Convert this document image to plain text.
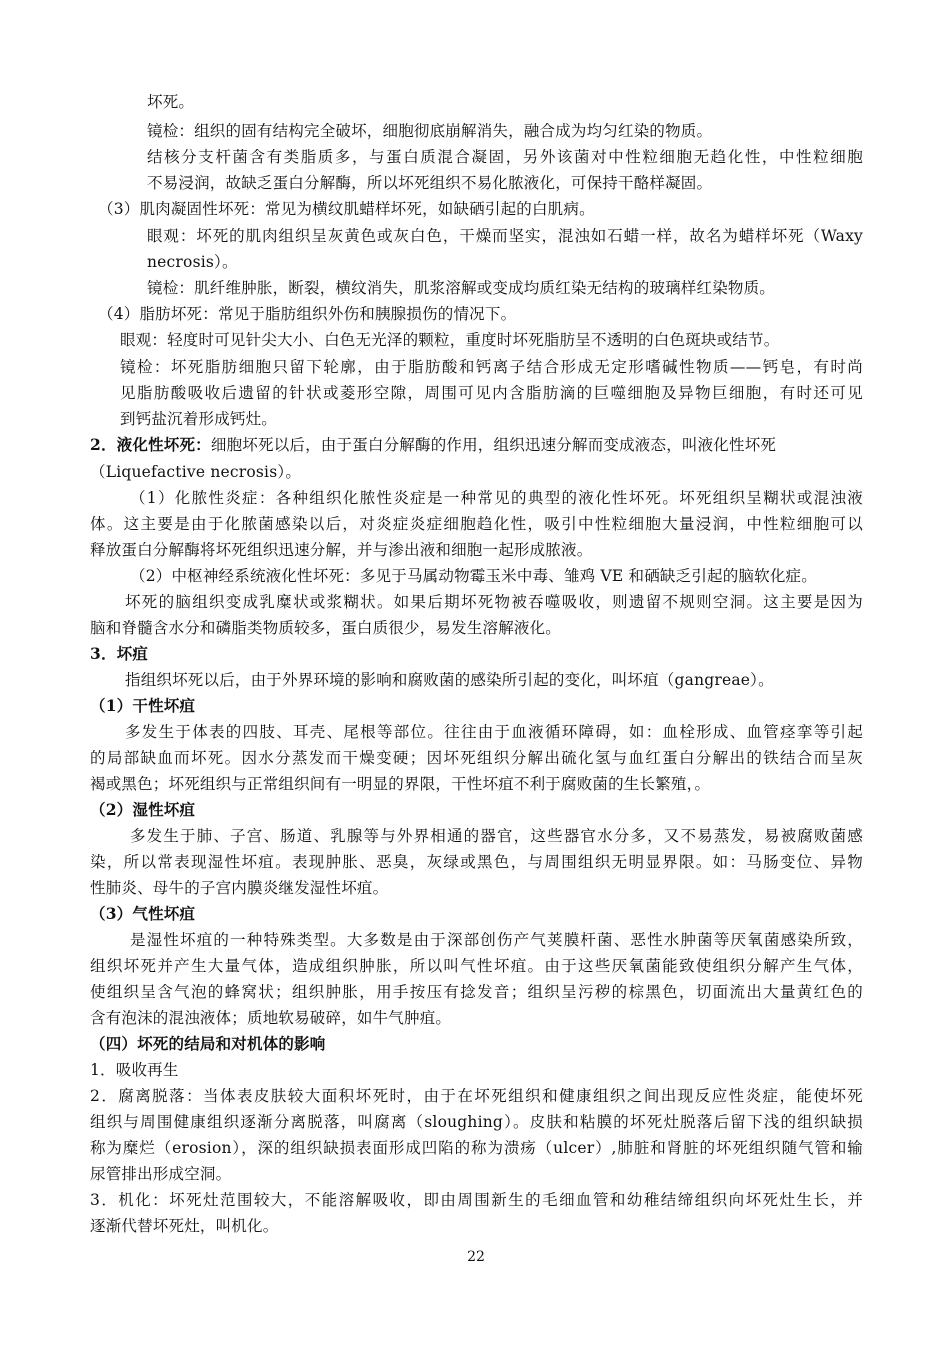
坏死。
镜检：组织的固有结构完全破坏，细胞彻底崩解消失，融合成为均匀红染的物质。
结核分支杆菌含有类脂质多，与蛋白质混合凝固，另外该菌对中性粒细胞无趋化性，中性粒细胞
不易浸润，故缺乏蛋白分解酶，所以坏死组织不易化脓液化，可保持干酪样凝固。
（3）肌肉凝固性坏死：常见为横纹肌蜡样坏死，如缺硒引起的白肌病。
眼观：坏死的肌肉组织呈灰黄色或灰白色，干燥而坚实，混浊如石蜡一样，故名为蜡样坏死（Waxy
necrosis）。
镜检：肌纤维肿胀，断裂，横纹消失，肌浆溶解或变成均质红染无结构的玻璃样红染物质。
（4）脂肪坏死：常见于脂肪组织外伤和胰腺损伤的情况下。
眼观：轻度时可见针尖大小、白色无光泽的颗粒，重度时坏死脂肪呈不透明的白色斑块或结节。
镜检：坏死脂肪细胞只留下轮廓，由于脂肪酸和钙离子结合形成无定形嗜碱性物质——钙皂，有时尚
见脂肪酸吸收后遗留的针状或菱形空隙，周围可见内含脂肪滴的巨噬细胞及异物巨细胞，有时还可见
到钙盐沉着形成钙灶。
2．液化性坏死：细胞坏死以后，由于蛋白分解酶的作用，组织迅速分解而变成液态，叫液化性坏死
（Liquefactive necrosis）。
（1）化脓性炎症：各种组织化脓性炎症是一种常见的典型的液化性坏死。坏死组织呈糊状或混浊液
体。这主要是由于化脓菌感染以后，对炎症炎症细胞趋化性，吸引中性粒细胞大量浸润，中性粒细胞可以
释放蛋白分解酶将坏死组织迅速分解，并与渗出液和细胞一起形成脓液。
（2）中枢神经系统液化性坏死：多见于马属动物霉玉米中毒、雏鸡 VE 和硒缺乏引起的脑软化症。
坏死的脑组织变成乳糜状或浆糊状。如果后期坏死物被吞噬吸收，则遗留不规则空洞。这主要是因为
脑和脊髓含水分和磷脂类物质较多，蛋白质很少，易发生溶解液化。
3．坏疽
指组织坏死以后，由于外界环境的影响和腐败菌的感染所引起的变化，叫坏疽（gangreae）。
（1）干性坏疽
多发生于体表的四肢、耳壳、尾根等部位。往往由于血液循环障碍，如：血栓形成、血管痉挛等引起
的局部缺血而坏死。因水分蒸发而干燥变硬；因坏死组织分解出硫化氢与血红蛋白分解出的铁结合而呈灰
褐或黑色；坏死组织与正常组织间有一明显的界限，干性坏疽不利于腐败菌的生长繁殖，。
（2）湿性坏疽
多发生于肺、子宫、肠道、乳腺等与外界相通的器官，这些器官水分多，又不易蒸发，易被腐败菌感
染，所以常表现湿性坏疽。表现肿胀、恶臭，灰绿或黑色，与周围组织无明显界限。如：马肠变位、异物
性肺炎、母牛的子宫内膜炎继发湿性坏疽。
（3）气性坏疽
是湿性坏疽的一种特殊类型。大多数是由于深部创伤产气荚膜杆菌、恶性水肿菌等厌氧菌感染所致，
组织坏死并产生大量气体，造成组织肿胀，所以叫气性坏疽。由于这些厌氧菌能致使组织分解产生气体，
使组织呈含气泡的蜂窝状；组织肿胀，用手按压有捻发音；组织呈污秽的棕黑色，切面流出大量黄红色的
含有泡沫的混浊液体；质地软易破碎，如牛气肿疽。
（四）坏死的结局和对机体的影响
1．吸收再生
2．腐离脱落：当体表皮肤较大面积坏死时，由于在坏死组织和健康组织之间出现反应性炎症，能使坏死
组织与周围健康组织逐渐分离脱落，叫腐离（sloughing）。皮肤和粘膜的坏死灶脱落后留下浅的组织缺损
称为糜烂（erosion），深的组织缺损表面形成凹陷的称为溃疡（ulcer）,肺脏和肾脏的坏死组织随气管和输
尿管排出形成空洞。
3．机化：坏死灶范围较大，不能溶解吸收，即由周围新生的毛细血管和幼稚结缔组织向坏死灶生长，并
逐渐代替坏死灶，叫机化。
22
